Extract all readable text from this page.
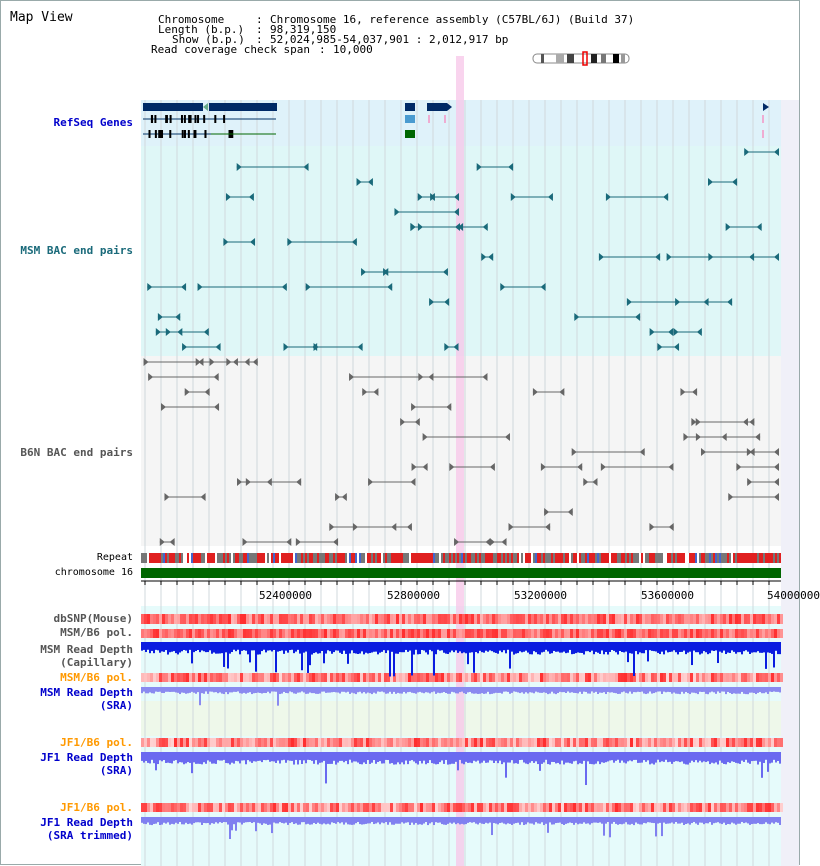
Map View	Chromosome	: Chromosome 16, reference assembly (C57BL/6J) (Build 37)
Length (b.p.) : 98,319,150
Show (b.p.) : 52,024,985-54,037,901 : 2,012,917 bp
Read coverage check span : 10,000
RefSeq Genes
MSM BAC end pairs
B6N BAC end pairs
Repeat
chromosome 16
dbSNP(Mouse)
MSM/B6 pol.
MSM Read Depth
(Capillary)
MSM/B6 pol.
MSM Read Depth
(SRA)
JF1/B6 pol.
JF1 Read Depth
(SRA)
JF1/B6 pol.
JF1 Read Depth
(SRA trimmed)
52400000	52800000	53200000	53600000	54000000
